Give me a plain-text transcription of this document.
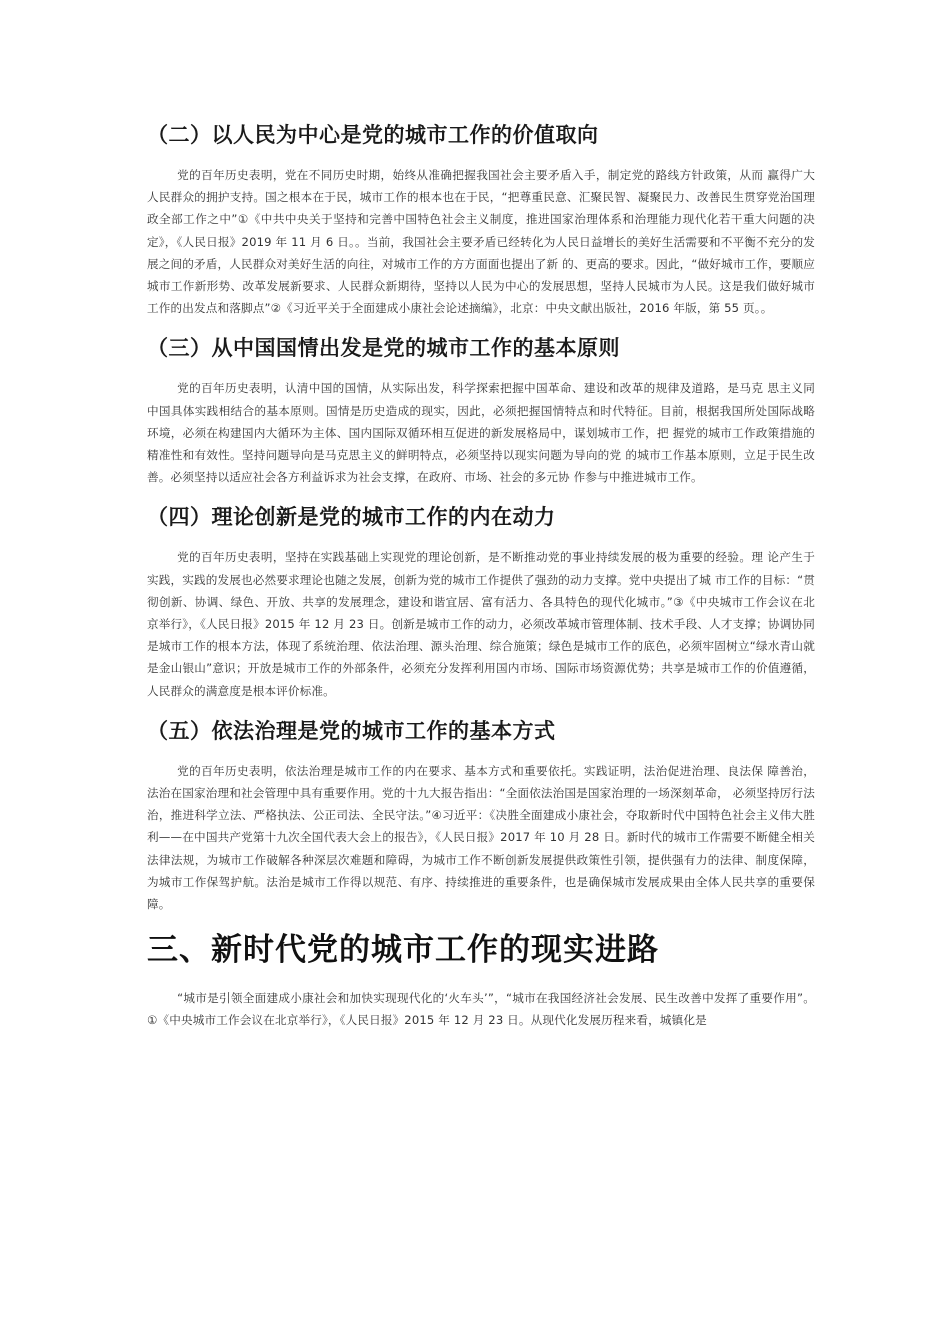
（二）以人民为中心是党的城市工作的价值取向

党的百年历史表明，党在不同历史时期，始终从准确把握我国社会主要矛盾入手，制定党的路线方针政策，从而 赢得广大人民群众的拥护支持。国之根本在于民，城市工作的根本也在于民，“把尊重民意、汇聚民智、凝聚民力、改善民生贯穿党治国理政全部工作之中”①《中共中央关于坚持和完善中国特色社会主义制度，推进国家治理体系和治理能力现代化若干重大问题的决定》，《人民日报》2019 年 11 月 6 日。。当前，我国社会主要矛盾已经转化为人民日益增长的美好生活需要和不平衡不充分的发展之间的矛盾，人民群众对美好生活的向往，对城市工作的方方面面也提出了新 的、更高的要求。因此，“做好城市工作，要顺应城市工作新形势、改革发展新要求、人民群众新期待，坚持以人民为中心的发展思想，坚持人民城市为人民。这是我们做好城市工作的出发点和落脚点”②《习近平关于全面建成小康社会论述摘编》，北京：中央文献出版社，2016 年版，第 55 页。。

（三）从中国国情出发是党的城市工作的基本原则

党的百年历史表明，认清中国的国情，从实际出发，科学探索把握中国革命、建设和改革的规律及道路，是马克 思主义同中国具体实践相结合的基本原则。国情是历史造成的现实，因此，必须把握国情特点和时代特征。目前，根据我国所处国际战略环境，必须在构建国内大循环为主体、国内国际双循环相互促进的新发展格局中，谋划城市工作，把 握党的城市工作政策措施的精准性和有效性。坚持问题导向是马克思主义的鲜明特点，必须坚持以现实问题为导向的党 的城市工作基本原则，立足于民生改善。必须坚持以适应社会各方利益诉求为社会支撑，在政府、市场、社会的多元协 作参与中推进城市工作。

（四）理论创新是党的城市工作的内在动力

党的百年历史表明，坚持在实践基础上实现党的理论创新，是不断推动党的事业持续发展的极为重要的经验。理 论产生于实践，实践的发展也必然要求理论也随之发展，创新为党的城市工作提供了强劲的动力支撑。党中央提出了城 市工作的目标：“贯彻创新、协调、绿色、开放、共享的发展理念，建设和谐宜居、富有活力、各具特色的现代化城市。”③《中央城市工作会议在北京举行》，《人民日报》2015 年 12 月 23 日。创新是城市工作的动力，必须改革城市管理体制、技术手段、人才支撑；协调协同是城市工作的根本方法，体现了系统治理、依法治理、源头治理、综合施策；绿色是城市工作的底色，必须牢固树立“绿水青山就是金山银山”意识；开放是城市工作的外部条件，必须充分发挥利用国内市场、国际市场资源优势；共享是城市工作的价值遵循，人民群众的满意度是根本评价标准。

（五）依法治理是党的城市工作的基本方式

党的百年历史表明，依法治理是城市工作的内在要求、基本方式和重要依托。实践证明，法治促进治理、良法保 障善治，法治在国家治理和社会管理中具有重要作用。党的十九大报告指出：“全面依法治国是国家治理的一场深刻革命， 必须坚持厉行法治，推进科学立法、严格执法、公正司法、全民守法。”④习近平：《决胜全面建成小康社会，夺取新时代中国特色社会主义伟大胜利——在中国共产党第十九次全国代表大会上的报告》，《人民日报》2017 年 10 月 28 日。新时代的城市工作需要不断健全相关法律法规，为城市工作破解各种深层次难题和障碍，为城市工作不断创新发展提供政策性引领，提供强有力的法律、制度保障，为城市工作保驾护航。法治是城市工作得以规范、有序、持续推进的重要条件，也是确保城市发展成果由全体人民共享的重要保障。

三、新时代党的城市工作的现实进路

“城市是引领全面建成小康社会和加快实现现代化的‘火车头’”，“城市在我国经济社会发展、民生改善中发挥了重要作用”。①《中央城市工作会议在北京举行》，《人民日报》2015 年 12 月 23 日。从现代化发展历程来看，城镇化是
